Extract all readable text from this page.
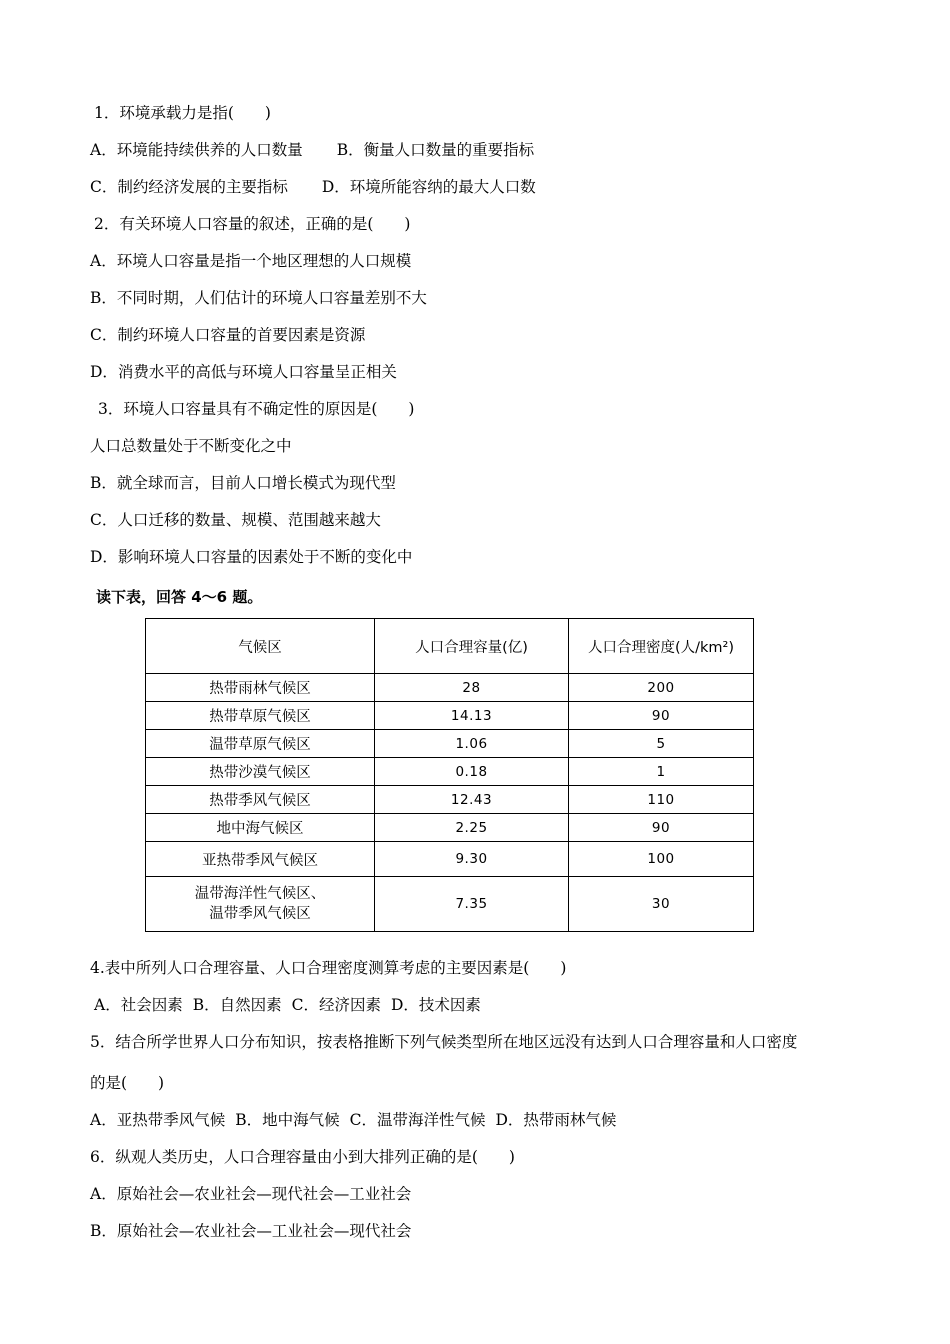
1．环境承载力是指(　　)
A．环境能持续供养的人口数量 B．衡量人口数量的重要指标
C．制约经济发展的主要指标 D．环境所能容纳的最大人口数
2．有关环境人口容量的叙述，正确的是(　　)
A．环境人口容量是指一个地区理想的人口规模
B．不同时期，人们估计的环境人口容量差别不大
C．制约环境人口容量的首要因素是资源
D．消费水平的高低与环境人口容量呈正相关
3．环境人口容量具有不确定性的原因是(　　)
人口总数量处于不断变化之中
B．就全球而言，目前人口增长模式为现代型
C．人口迁移的数量、规模、范围越来越大
D．影响环境人口容量的因素处于不断的变化中
读下表，回答 4～6 题。
气候区	人口合理容量(亿)	人口合理密度(人/km²)
热带雨林气候区	28	200
热带草原气候区	14.13	90
温带草原气候区	1.06	5
热带沙漠气候区	0.18	1
热带季风气候区	12.43	110
地中海气候区	2.25	90
亚热带季风气候区	9.30	100

温带海洋性气候区、
温带季风气候区	7.35	30
4.表中所列人口合理容量、人口合理密度测算考虑的主要因素是(　　)
A．社会因素 B．自然因素 C．经济因素 D．技术因素
5．结合所学世界人口分布知识，按表格推断下列气候类型所在地区远没有达到人口合理容量和人口密度
的是(　　)
A．亚热带季风气候 B．地中海气候 C．温带海洋性气候 D．热带雨林气候
6．纵观人类历史，人口合理容量由小到大排列正确的是(　　)
A．原始社会—农业社会—现代社会—工业社会
B．原始社会—农业社会—工业社会—现代社会
